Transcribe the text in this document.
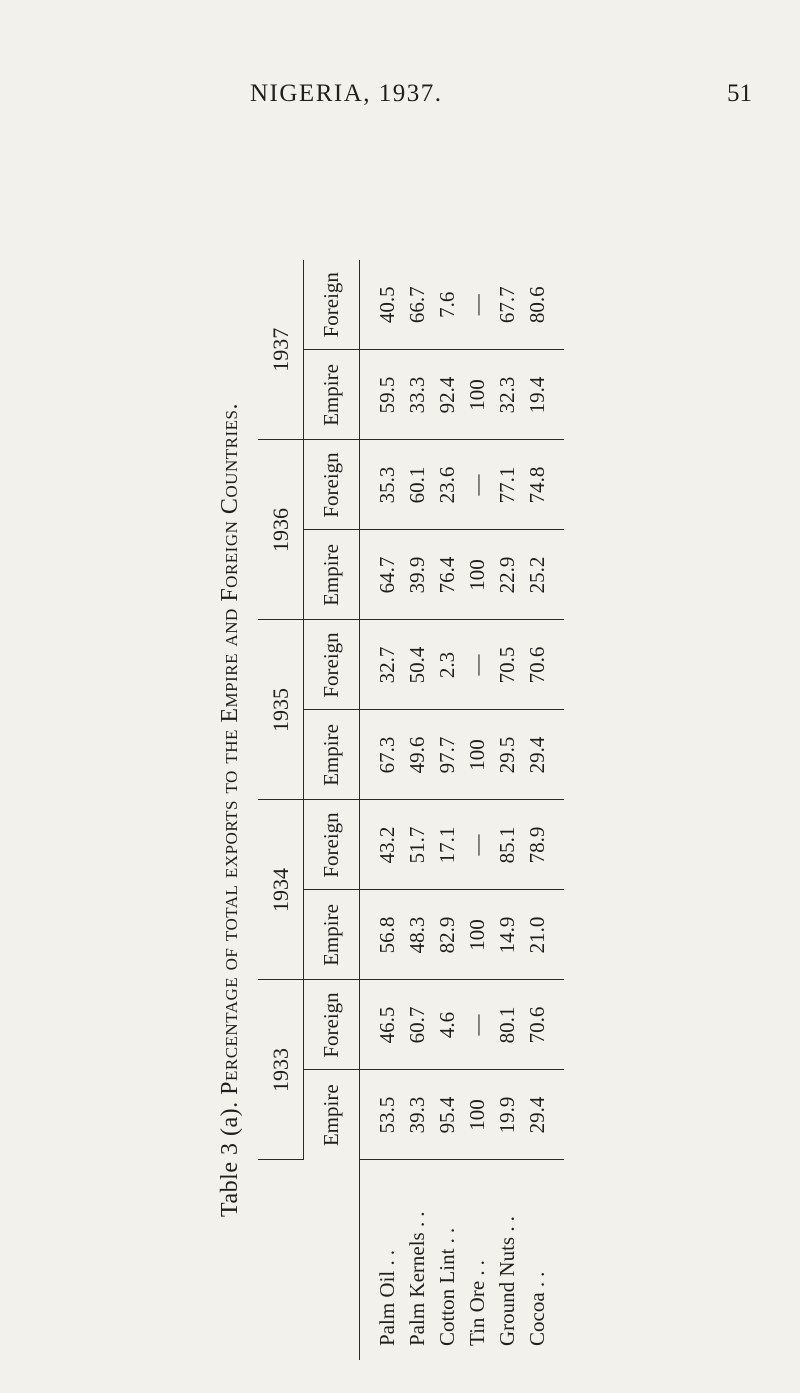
NIGERIA, 1937.	51
Table 3 (a). Percentage of total exports to the Empire and Foreign Countries.
		1933		1934		1935		1936		1937	
	Empire	Foreign	Empire	Foreign	Empire	Foreign	Empire	Foreign	Empire	Foreign

Palm Oil ..	53.5	46.5	56.8	43.2	67.3	32.7	64.7	35.3	59.5	40.5
Palm Kernels ..	39.3	60.7	48.3	51.7	49.6	50.4	39.9	60.1	33.3	66.7
Cotton Lint ..	95.4	4.6	82.9	17.1	97.7	2.3	76.4	23.6	92.4	7.6
Tin Ore ..	100	—	100	—	100	—	100	—	100	—
Ground Nuts ..	19.9	80.1	14.9	85.1	29.5	70.5	22.9	77.1	32.3	67.7
Cocoa ..	29.4	70.6	21.0	78.9	29.4	70.6	25.2	74.8	19.4	80.6
